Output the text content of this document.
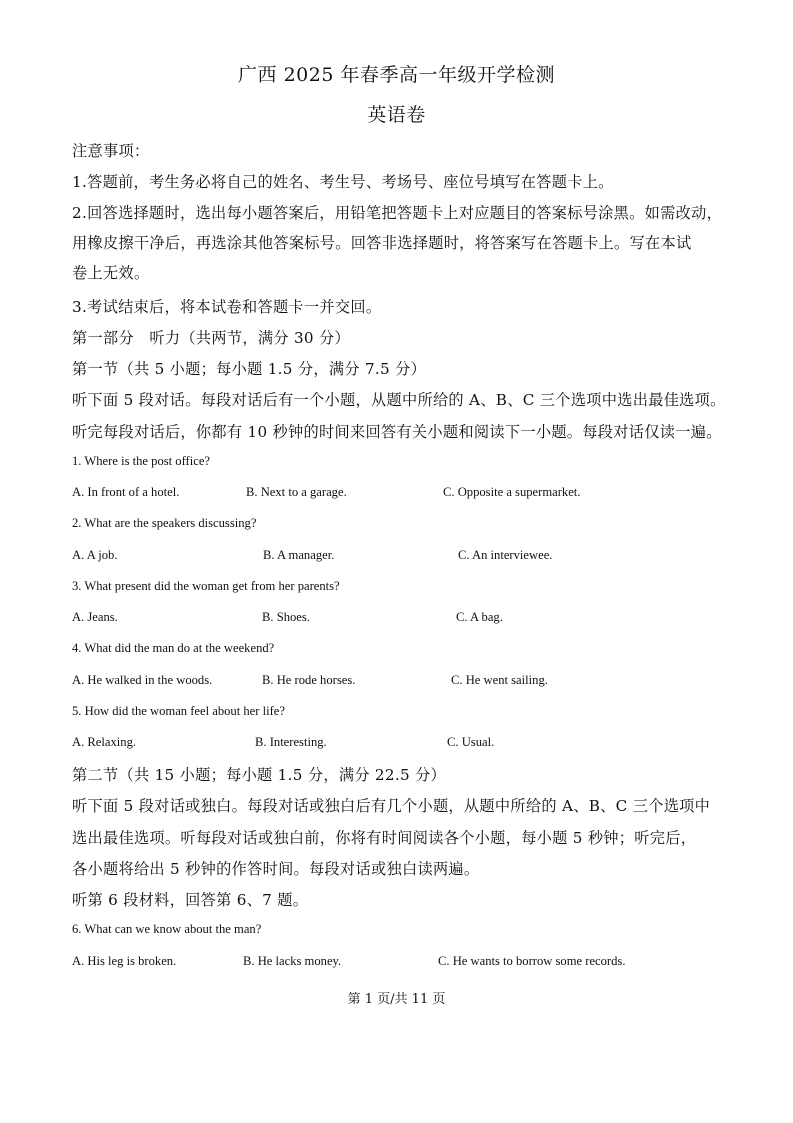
广西 2025 年春季高一年级开学检测
英语卷
注意事项：
1.答题前，考生务必将自己的姓名、考生号、考场号、座位号填写在答题卡上。
2.回答选择题时，选出每小题答案后，用铅笔把答题卡上对应题目的答案标号涂黑。如需改动，
用橡皮擦干净后，再选涂其他答案标号。回答非选择题时，将答案写在答题卡上。写在本试
卷上无效。
3.考试结束后，将本试卷和答题卡一并交回。
第一部分　听力（共两节，满分 30 分）
第一节（共 5 小题；每小题 1.5 分，满分 7.5 分）
听下面 5 段对话。每段对话后有一个小题，从题中所给的 A、B、C 三个选项中选出最佳选项。
听完每段对话后，你都有 10 秒钟的时间来回答有关小题和阅读下一小题。每段对话仅读一遍。
1. Where is the post office?
A. In front of a hotel.	B. Next to a garage.	C. Opposite a supermarket.
2. What are the speakers discussing?
A. A job.	B. A manager.	C. An interviewee.
3. What present did the woman get from her parents?
A. Jeans.	B. Shoes.	C. A bag.
4. What did the man do at the weekend?
A. He walked in the woods.	B. He rode horses.	C. He went sailing.
5. How did the woman feel about her life?
A. Relaxing.	B. Interesting.	C. Usual.
第二节（共 15 小题；每小题 1.5 分，满分 22.5 分）
听下面 5 段对话或独白。每段对话或独白后有几个小题，从题中所给的 A、B、C 三个选项中
选出最佳选项。听每段对话或独白前，你将有时间阅读各个小题，每小题 5 秒钟；听完后，
各小题将给出 5 秒钟的作答时间。每段对话或独白读两遍。
听第 6 段材料，回答第 6、7 题。
6. What can we know about the man?
A. His leg is broken.	B. He lacks money.	C. He wants to borrow some records.
第 1 页/共 11 页
